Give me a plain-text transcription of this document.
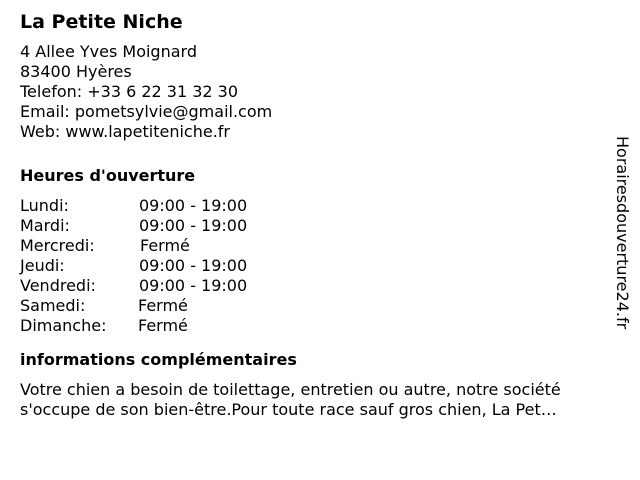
La Petite Niche
4 Allee Yves Moignard
83400 Hyères
Telefon: +33 6 22 31 32 30
Email: pometsylvie@gmail.com
Web: www.lapetiteniche.fr
Heures d'ouverture
Lundi:	09:00 - 19:00
Mardi:	09:00 - 19:00
Mercredi:	Fermé
Jeudi:	09:00 - 19:00
Vendredi:	09:00 - 19:00
Samedi:	Fermé
Dimanche: Fermé
informations complémentaires
Votre chien a besoin de toilettage, entretien ou autre, notre société
s'occupe de son bien-être.Pour toute race sauf gros chien, La Pet…
Horairesdouverture24.fr
